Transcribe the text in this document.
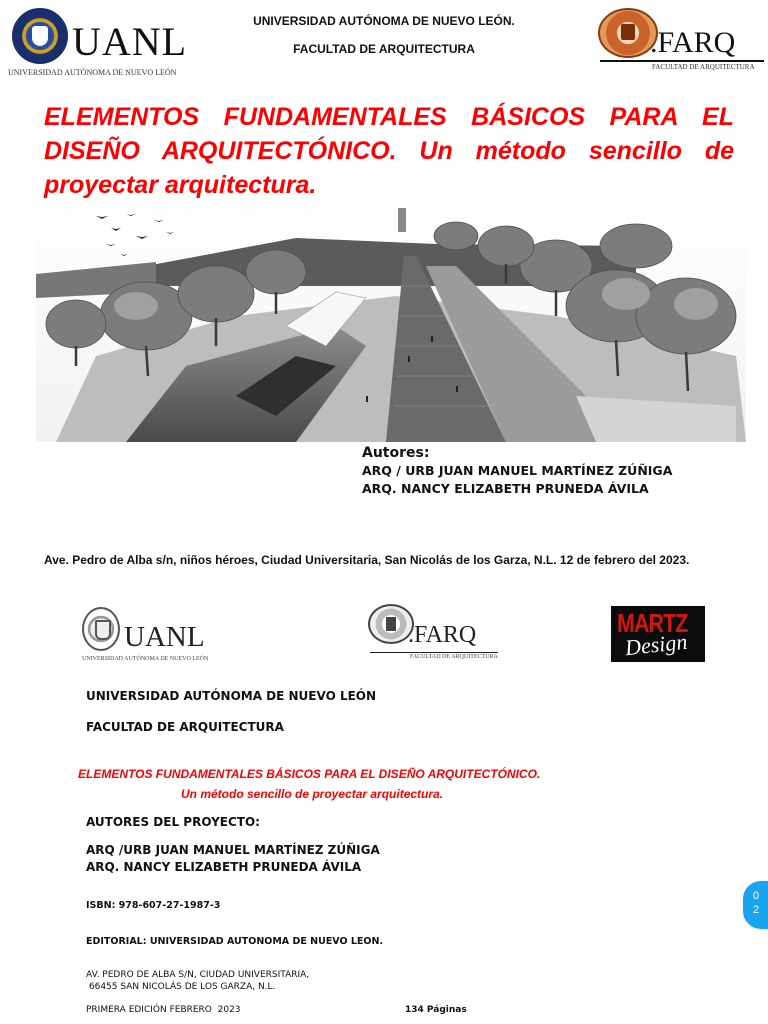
UANL
UNIVERSIDAD AUTÓNOMA DE NUEVO LEÓN
UNIVERSIDAD AUTÓNOMA DE NUEVO LEÓN.
FACULTAD DE ARQUITECTURA	.FARQ
FACULTAD DE ARQUITECTURA
ELEMENTOS FUNDAMENTALES BÁSICOS PARA EL DISEÑO ARQUITECTÓNICO. Un método sencillo de proyectar arquitectura.
Autores:
ARQ / URB JUAN MANUEL MARTÍNEZ ZÚÑIGA
ARQ. NANCY ELIZABETH PRUNEDA ÁVILA
Ave. Pedro de Alba s/n, niños héroes, Ciudad Universitaria, San Nicolás de los Garza, N.L. 12 de febrero del 2023.
UANL
UNIVERSIDAD AUTÓNOMA DE NUEVO LEÓN
.FARQ
FACULTAD DE ARQUITECTURA
MARTZ
Design
UNIVERSIDAD AUTÓNOMA DE NUEVO LEÓN
FACULTAD DE ARQUITECTURA
ELEMENTOS FUNDAMENTALES BÁSICOS PARA EL DISEÑO ARQUITECTÓNICO.
Un método sencillo de proyectar arquitectura.
AUTORES DEL PROYECTO:
ARQ /URB JUAN MANUEL MARTÍNEZ ZÚÑIGA
ARQ. NANCY ELIZABETH PRUNEDA ÁVILA
ISBN: 978-607-27-1987-3
EDITORIAL: UNIVERSIDAD AUTONOMA DE NUEVO LEON.
AV. PEDRO DE ALBA S/N, CIUDAD UNIVERSITARIA,
66455 SAN NICOLÁS DE LOS GARZA, N.L.
PRIMERA EDICIÓN FEBRERO  2023	134 Páginas
0
2
